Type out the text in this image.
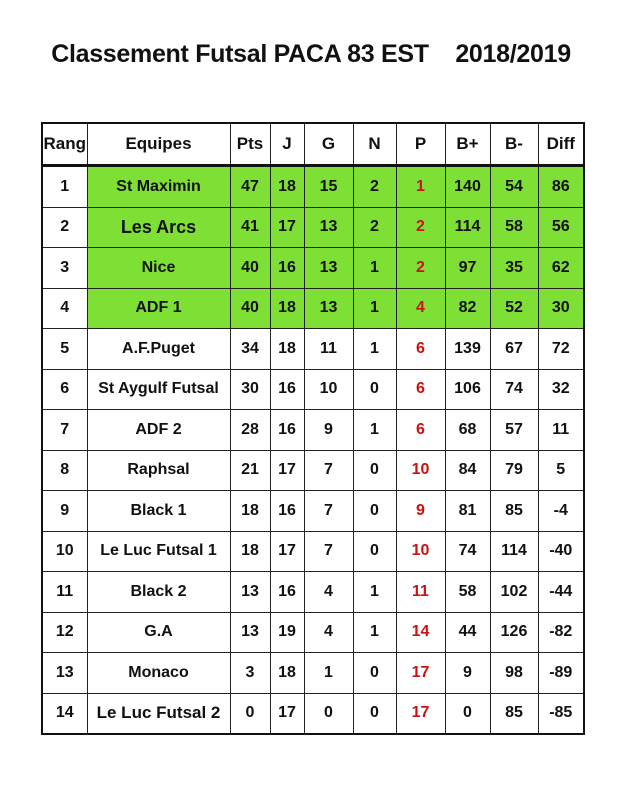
Classement Futsal PACA 83 EST    2018/2019
Rang	Equipes	Pts	J	G	N	P	B+	B-	Diff
1	St Maximin	47	18	15	2	1	140	54	86
2	Les Arcs	41	17	13	2	2	114	58	56
3	Nice	40	16	13	1	2	97	35	62
4	ADF 1	40	18	13	1	4	82	52	30
5	A.F.Puget	34	18	11	1	6	139	67	72
6	St Aygulf Futsal	30	16	10	0	6	106	74	32
7	ADF 2	28	16	9	1	6	68	57	11
8	Raphsal	21	17	7	0	10	84	79	5
9	Black 1	18	16	7	0	9	81	85	-4
10	Le Luc Futsal 1	18	17	7	0	10	74	114	-40
11	Black 2	13	16	4	1	11	58	102	-44
12	G.A	13	19	4	1	14	44	126	-82
13	Monaco	3	18	1	0	17	9	98	-89
14	Le Luc Futsal 2	0	17	0	0	17	0	85	-85
